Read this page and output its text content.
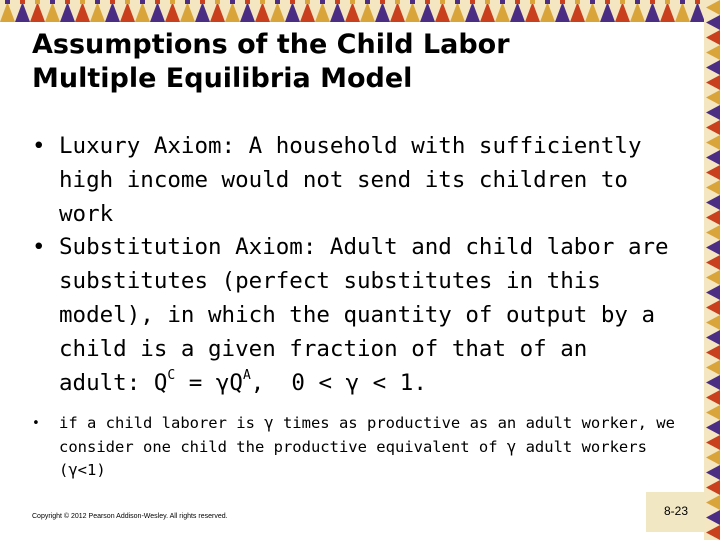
Assumptions of the Child Labor
Multiple Equilibria Model
• Luxury Axiom: A household with sufficiently high income would not send its children to work
• Substitution Axiom: Adult and child labor are substitutes (perfect substitutes in this model), in which the quantity of output by a child is a given fraction of that of an adult: $Q^C = \gamma Q^A$,  0 < γ < 1.
• if a child laborer is γ times as productive as an adult worker, we consider one child the productive equivalent of γ adult workers (γ<1)
Copyright © 2012 Pearson Addison-Wesley. All rights reserved.	8-23
